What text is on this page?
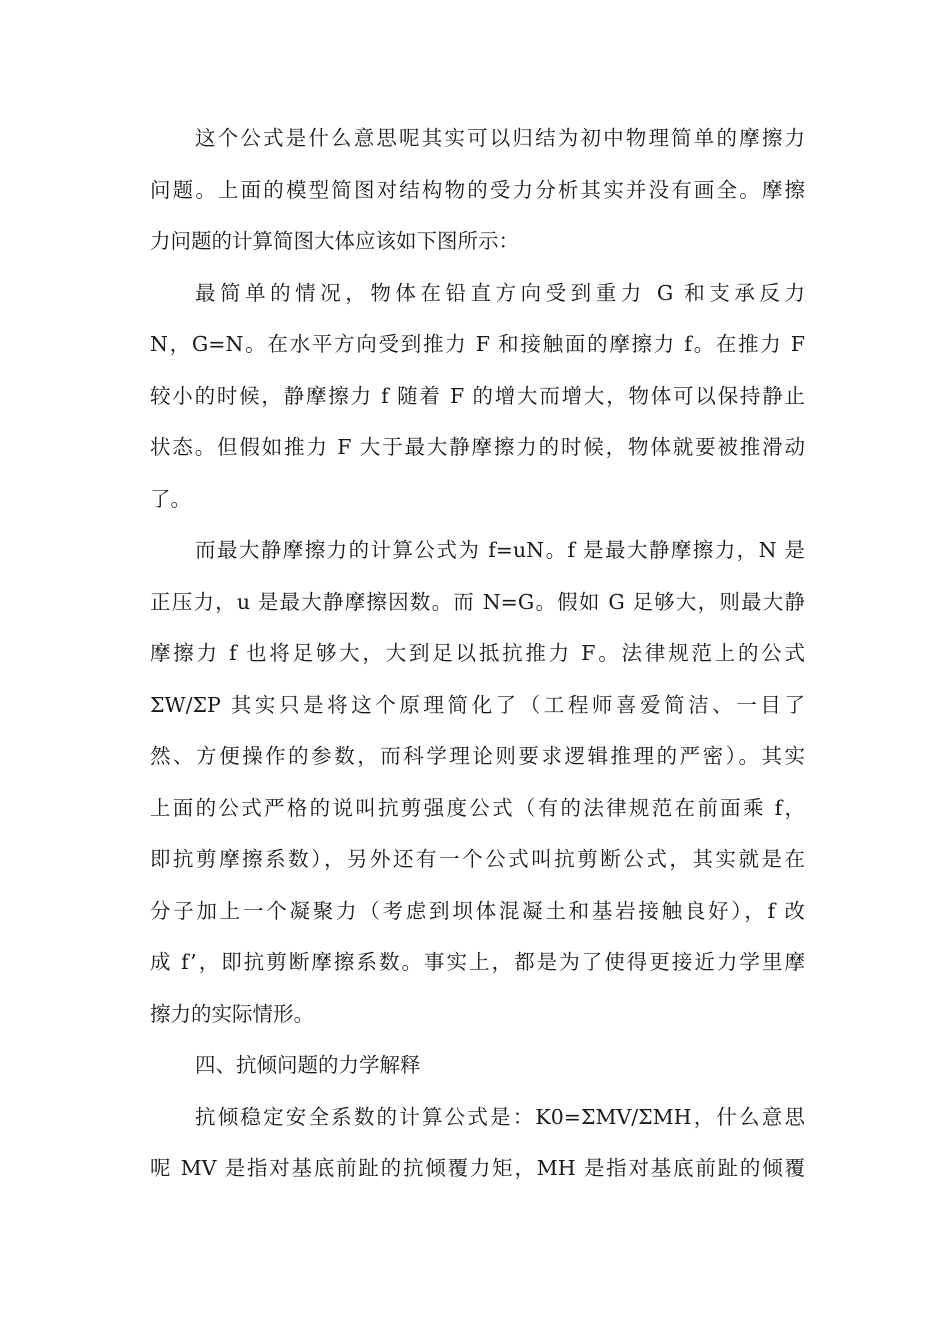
这个公式是什么意思呢其实可以归结为初中物理简单的摩擦力
问题。上面的模型简图对结构物的受力分析其实并没有画全。摩擦
力问题的计算简图大体应该如下图所示：

最简单的情况，物体在铅直方向受到重力 G 和支承反力
N，G=N。在水平方向受到推力 F 和接触面的摩擦力 f。在推力 F
较小的时候，静摩擦力 f 随着 F 的增大而增大，物体可以保持静止
状态。但假如推力 F 大于最大静摩擦力的时候，物体就要被推滑动
了。

而最大静摩擦力的计算公式为 f=uN。f 是最大静摩擦力，N 是
正压力，u 是最大静摩擦因数。而 N=G。假如 G 足够大，则最大静
摩擦力 f 也将足够大，大到足以抵抗推力 F。法律规范上的公式
ΣW/ΣP 其实只是将这个原理简化了（工程师喜爱简洁、一目了
然、方便操作的参数，而科学理论则要求逻辑推理的严密）。其实
上面的公式严格的说叫抗剪强度公式（有的法律规范在前面乘 f，
即抗剪摩擦系数），另外还有一个公式叫抗剪断公式，其实就是在
分子加上一个凝聚力（考虑到坝体混凝土和基岩接触良好），f 改
成 f’，即抗剪断摩擦系数。事实上，都是为了使得更接近力学里摩
擦力的实际情形。

四、抗倾问题的力学解释

抗倾稳定安全系数的计算公式是：K0=ΣMV/ΣMH，什么意思
呢 MV 是指对基底前趾的抗倾覆力矩，MH 是指对基底前趾的倾覆
